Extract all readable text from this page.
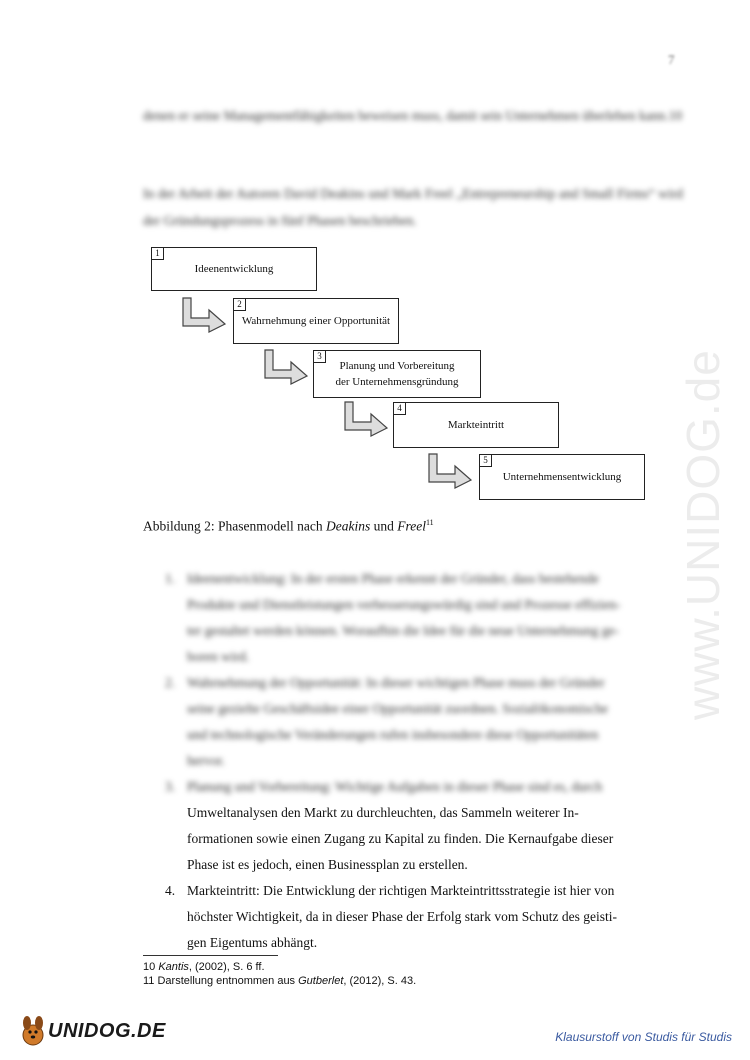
7
denen er seine Managementfähigkeiten beweisen muss, damit sein Unternehmen überleben kann.10
In der Arbeit der Autoren David Deakins und Mark Freel „Entrepreneurship and Small Firms“ wird der Gründungsprozess in fünf Phasen beschrieben.
1
Ideenentwicklung
2
Wahrnehmung einer Opportunität
3
Planung und Vorbereitung der Unternehmensgründung
4
Markteintritt
5
Unternehmensentwicklung
Abbildung 2: Phasenmodell nach Deakins und Freel$^{11}$
1. Ideenentwicklung: In der ersten Phase erkennt der Gründer, dass bestehende
Produkte und Dienstleistungen verbesserungswürdig sind und Prozesse effizien-
ter gestaltet werden können. Woraufhin die Idee für die neue Unternehmung ge-
boren wird.
2. Wahrnehmung der Opportunität: In dieser wichtigen Phase muss der Gründer
seine gezielte Geschäftsidee einer Opportunität zuordnen. Sozialökonomische
und technologische Veränderungen rufen insbesondere diese Opportunitäten
hervor.
3. Planung und Vorbereitung: Wichtige Aufgaben in dieser Phase sind es, durch
Umweltanalysen den Markt zu durchleuchten, das Sammeln weiterer In-
formationen sowie einen Zugang zu Kapital zu finden. Die Kernaufgabe dieser
Phase ist es jedoch, einen Businessplan zu erstellen.
4. Markteintritt: Die Entwicklung der richtigen Markteintrittsstrategie ist hier von
höchster Wichtigkeit, da in dieser Phase der Erfolg stark vom Schutz des geisti-
gen Eigentums abhängt.
10 Kantis, (2002), S. 6 ff.
11 Darstellung entnommen aus Gutberlet, (2012), S. 43.
www.UNIDOG.de
UNIDOG.DE	Klausurstoff von Studis für Studis
